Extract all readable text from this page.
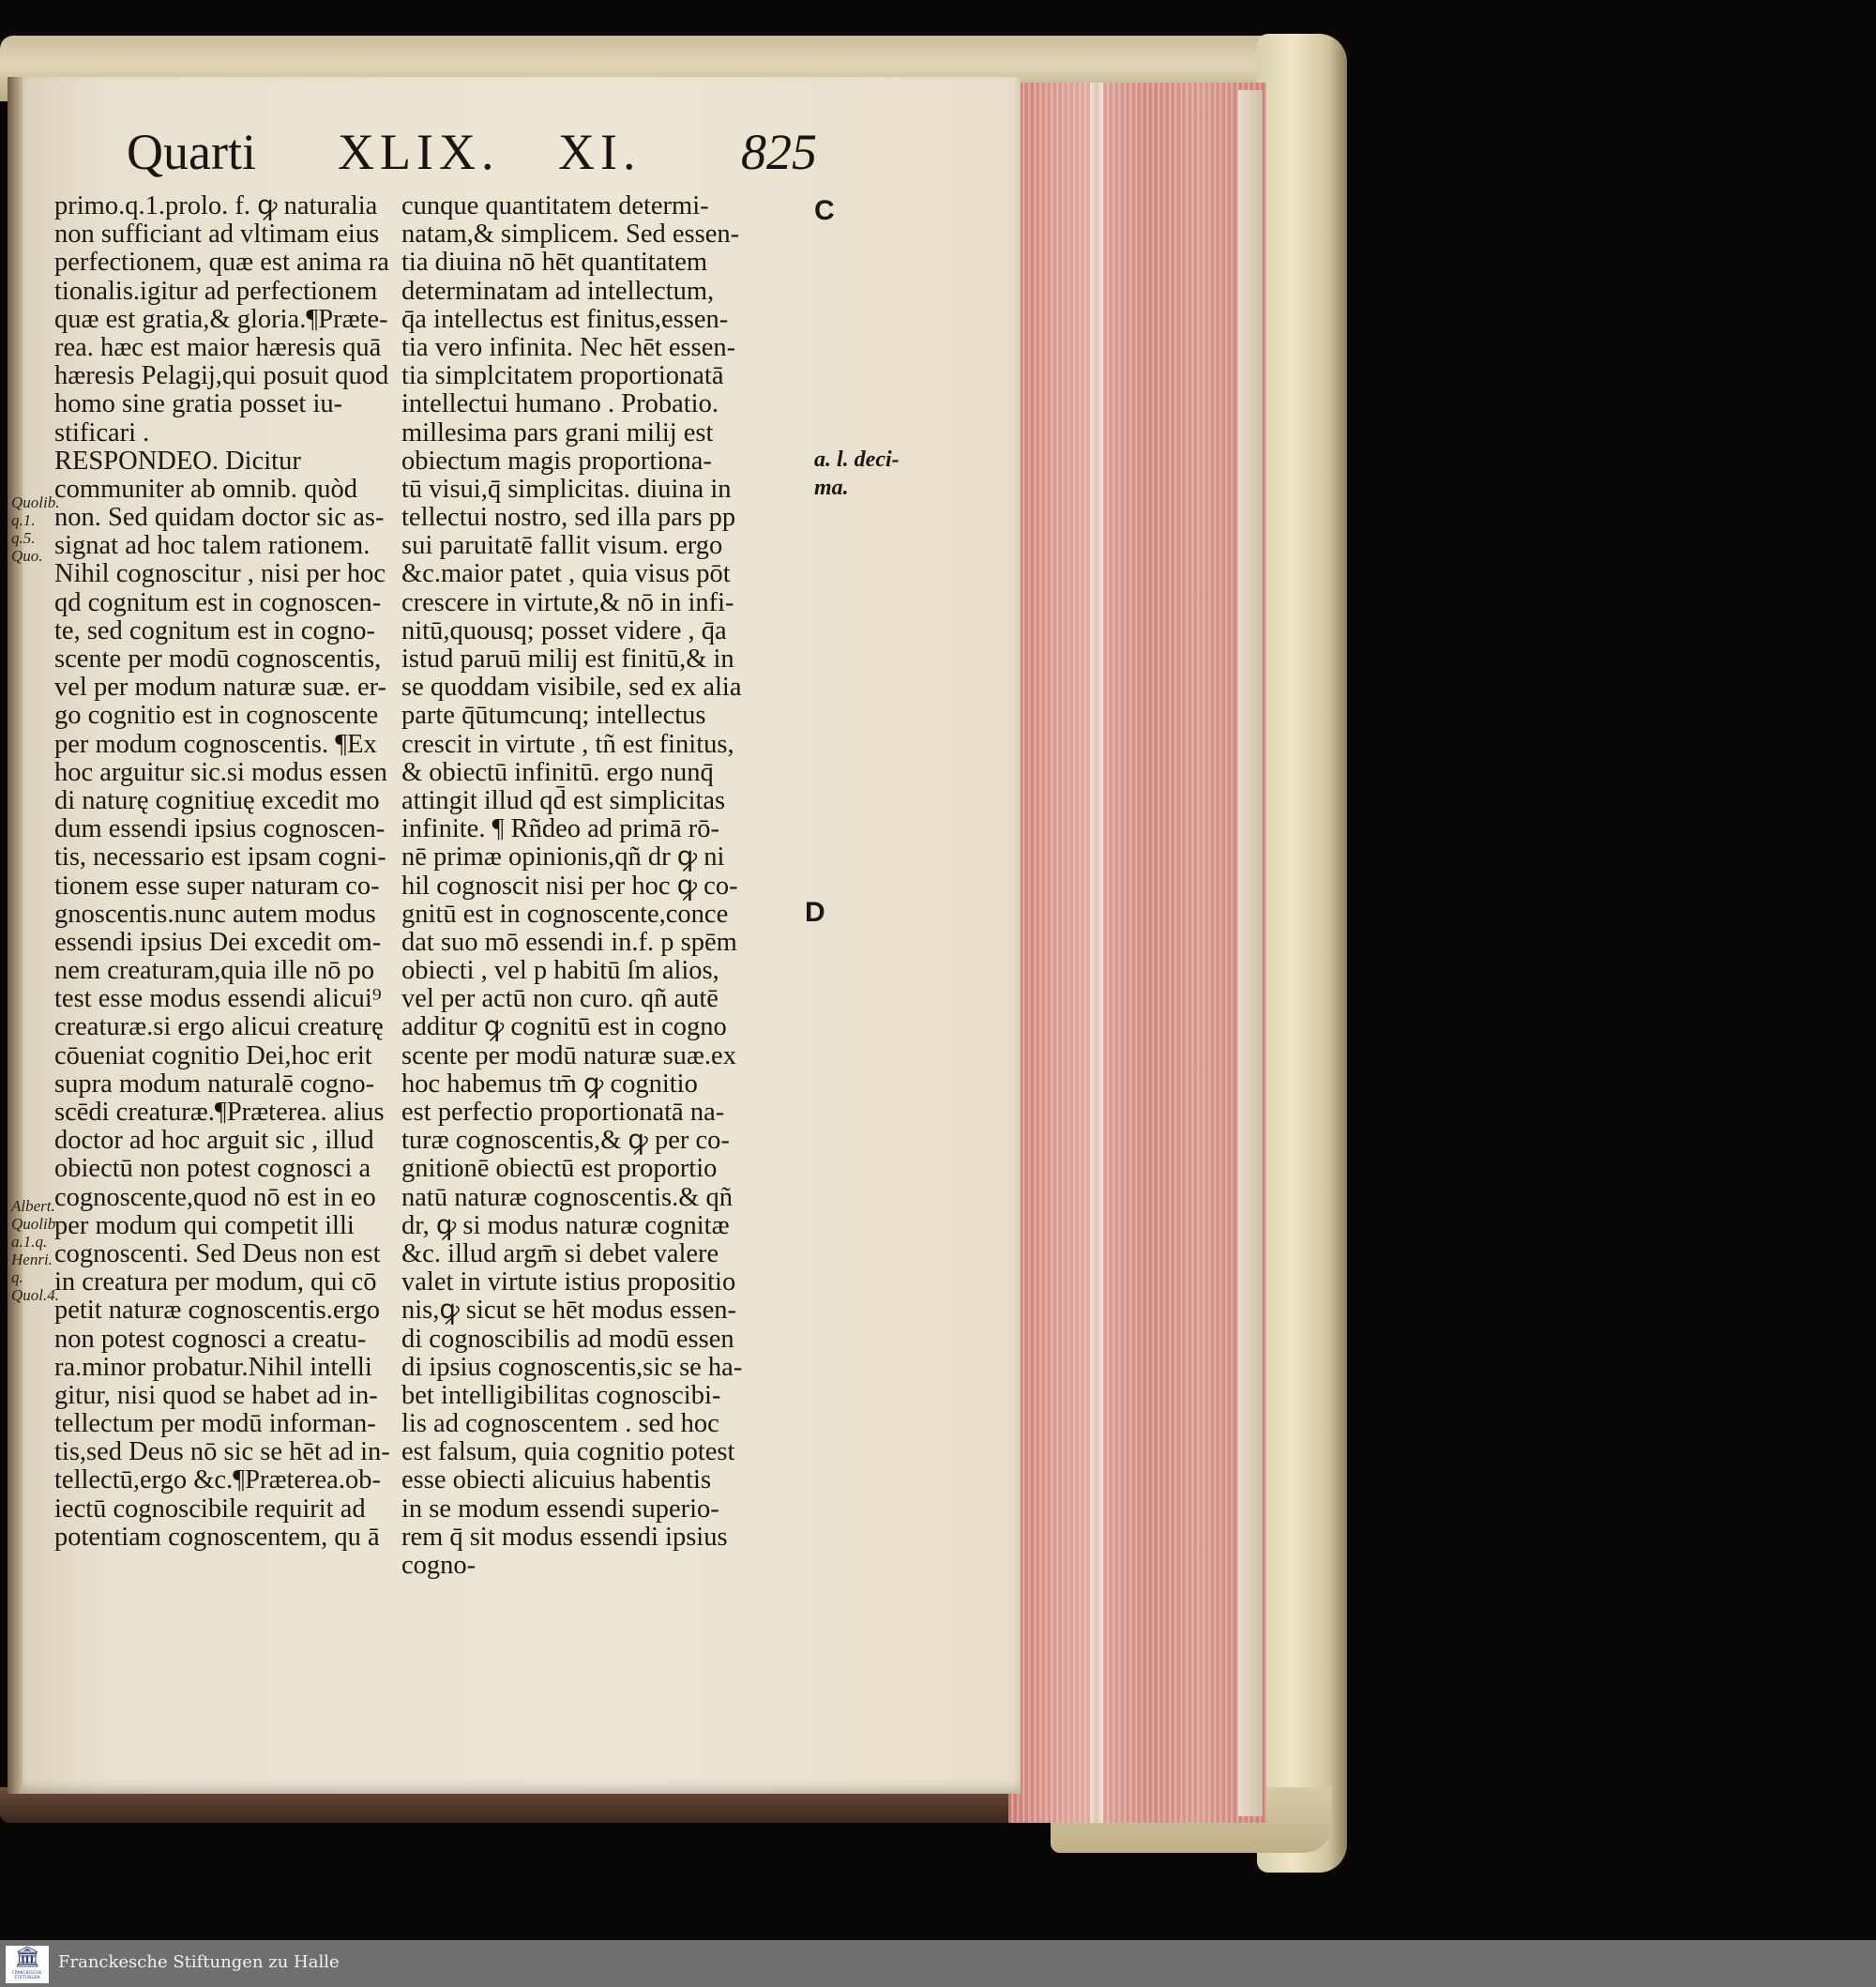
Quarti XLIX. XI. 825
primo.q.1.prolo. f. ꝙ naturalia
non sufficiant ad vltimam eius
perfectionem, quæ est anima ra
tionalis.igitur ad perfectionem
quæ est gratia,& gloria.¶Præte-
rea. hæc est maior hæresis quā
hæresis Pelagij,qui posuit quod
homo sine gratia posset iu-
stificari .
RESPONDEO. Dicitur
communiter ab omnib. quòd
non. Sed quidam doctor sic as-
signat ad hoc talem rationem.
Nihil cognoscitur , nisi per hoc
qd cognitum est in cognoscen-
te, sed cognitum est in cogno-
scente per modū cognoscentis,
vel per modum naturæ suæ. er-
go cognitio est in cognoscente
per modum cognoscentis. ¶Ex
hoc arguitur sic.si modus essen
di naturę cognitiuę excedit mo
dum essendi ipsius cognoscen-
tis, necessario est ipsam cogni-
tionem esse super naturam co-
gnoscentis.nunc autem modus
essendi ipsius Dei excedit om-
nem creaturam,quia ille nō po
test esse modus essendi alicui⁹
creaturæ.si ergo alicui creaturę
cōueniat cognitio Dei,hoc erit
supra modum naturalē cogno-
scēdi creaturæ.¶Præterea. alius
doctor ad hoc arguit sic , illud
obiectū non potest cognosci a
cognoscente,quod nō est in eo
per modum qui competit illi
cognoscenti. Sed Deus non est
in creatura per modum, qui cō
petit naturæ cognoscentis.ergo
non potest cognosci a creatu-
ra.minor probatur.Nihil intelli
gitur, nisi quod se habet ad in-
tellectum per modū informan-
tis,sed Deus nō sic se hēt ad in-
tellectū,ergo &c.¶Præterea.ob-
iectū cognoscibile requirit ad
potentiam cognoscentem, qu ā
cunque quantitatem determi-
natam,& simplicem. Sed essen-
tia diuina nō hēt quantitatem
determinatam ad intellectum,
q̄a intellectus est finitus,essen-
tia vero infinita. Nec hēt essen-
tia simplcitatem proportionatā
intellectui humano . Probatio.
millesima pars grani milij est
obiectum magis proportiona-
tū visui,q̄ simplicitas. diuina in
tellectui nostro, sed illa pars pp
sui paruitatē fallit visum. ergo
&c.maior patet , quia visus pōt
crescere in virtute,& nō in infi-
nitū,quousq; posset videre , q̄a
istud paruū milij est finitū,& in
se quoddam visibile, sed ex alia
parte q̄ūtumcunq; intellectus
crescit in virtute , tñ est finitus,
& obiectū infinitū. ergo nunq̄
attingit illud qd̄ est simplicitas
infinite. ¶ Rñdeo ad primā rō-
nē primæ opinionis,qñ dr ꝙ ni
hil cognoscit nisi per hoc ꝙ co-
gnitū est in cognoscente,conce
dat suo mō essendi in.f. p spēm
obiecti , vel p habitū ſm alios,
vel per actū non curo. qñ autē
additur ꝙ cognitū est in cogno
scente per modū naturæ suæ.ex
hoc habemus tm̄ ꝙ cognitio
est perfectio proportionatā na-
turæ cognoscentis,& ꝙ per co-
gnitionē obiectū est proportio
natū naturæ cognoscentis.& qñ
dr, ꝙ si modus naturæ cognitæ
&c. illud argm̄ si debet valere
valet in virtute istius propositio
nis,ꝙ sicut se hēt modus essen-
di cognoscibilis ad modū essen
di ipsius cognoscentis,sic se ha-
bet intelligibilitas cognoscibi-
lis ad cognoscentem . sed hoc
est falsum, quia cognitio potest
esse obiecti alicuius habentis
in se modum essendi superio-
rem q̄ sit modus essendi ipsius
cogno-
Quolib.
q.1.
q.5.
Quo.
Albert.
Quolib.
a.1.q.
Henri.
q.
Quol.4.
C
D
a. l. deci-
ma.
🏛
FRANCKESCHE STIFTUNGEN
Franckesche Stiftungen zu Halle
